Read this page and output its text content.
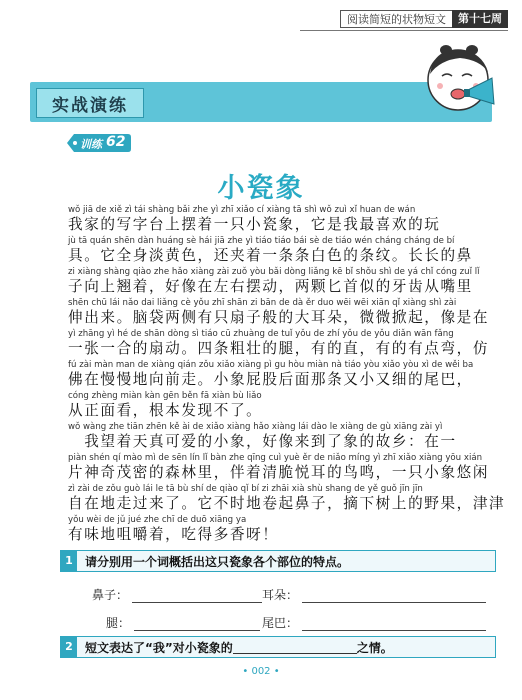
阅读简短的状物短文	第十七周
实战演练
训练 62
小瓷象
wǒ jiā de xiě zì tái shàng bǎi zhe yì zhī xiǎo cí xiàng tā shì wǒ zuì xǐ huan de wán
我家的写字台上摆着一只小瓷象，它是我最喜欢的玩
jù tā quán shēn dàn huáng sè hái jiā zhe yì tiáo tiáo bái sè de tiáo wén cháng cháng de bí
具。它全身淡黄色，还夹着一条条白色的条纹。长长的鼻
zi xiàng shàng qiào zhe hǎo xiàng zài zuǒ yòu bǎi dòng liǎng kē bǐ shǒu shì de yá chǐ cóng zuǐ lǐ
子向上翘着，好像在左右摆动，两颗匕首似的牙齿从嘴里
shēn chū lái nǎo dai liǎng cè yǒu zhī shān zi bān de dà ěr duo wēi wēi xiān qǐ xiàng shì zài
伸出来。脑袋两侧有只扇子般的大耳朵，微微掀起，像是在
yì zhāng yì hé de shān dòng sì tiáo cū zhuàng de tuǐ yǒu de zhí yǒu de yǒu diǎn wān fǎng
一张一合的扇动。四条粗壮的腿，有的直，有的有点弯，仿
fú zài màn man de xiàng qián zǒu xiǎo xiàng pì gu hòu miàn nà tiáo yòu xiǎo yòu xì de wěi ba
佛在慢慢地向前走。小象屁股后面那条又小又细的尾巴，
cóng zhèng miàn kàn gēn běn fā xiàn bù liǎo
从正面看，根本发现不了。
wǒ wàng zhe tiān zhēn kě ài de xiǎo xiàng hǎo xiàng lái dào le xiàng de gù xiāng zài yì
　我望着天真可爱的小象，好像来到了象的故乡：在一
piàn shén qí mào mì de sēn lín lǐ bàn zhe qīng cuì yuè ěr de niǎo míng yì zhī xiǎo xiàng yōu xián
片神奇茂密的森林里，伴着清脆悦耳的鸟鸣，一只小象悠闲
zì zài de zǒu guò lái le tā bù shí de qiào qǐ bí zi zhāi xià shù shang de yě guǒ jīn jīn
自在地走过来了。它不时地卷起鼻子，摘下树上的野果，津津
yǒu wèi de jǔ jué zhe chī de duō xiāng ya
有味地咀嚼着，吃得多香呀！
1	请分别用一个词概括出这只瓷象各个部位的特点。
鼻子：	耳朵：
腿：	尾巴：
2	短文表达了“我”对小瓷象的	之情。
• 002 •
